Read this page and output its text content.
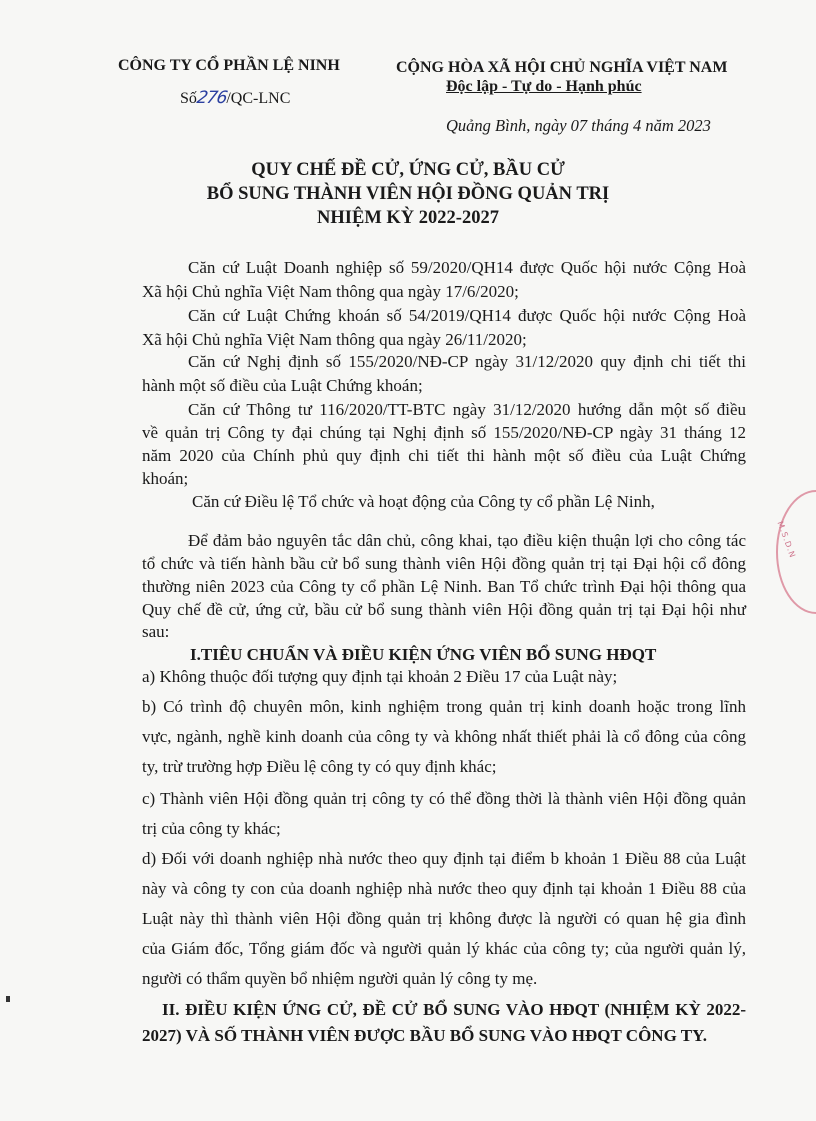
CÔNG TY CỔ PHẦN LỆ NINH
Số276/QC-LNC
CỘNG HÒA XÃ HỘI CHỦ NGHĨA VIỆT NAM
Độc lập - Tự do - Hạnh phúc
Quảng Bình, ngày 07 tháng 4 năm 2023
QUY CHẾ ĐỀ CỬ, ỨNG CỬ, BẦU CỬ
BỔ SUNG THÀNH VIÊN HỘI ĐỒNG QUẢN TRỊ
NHIỆM KỲ 2022-2027
Căn cứ Luật Doanh nghiệp số 59/2020/QH14 được Quốc hội nước Cộng Hoà
Xã hội Chủ nghĩa Việt Nam thông qua ngày 17/6/2020;
Căn cứ Luật Chứng khoán số 54/2019/QH14 được Quốc hội nước Cộng Hoà
Xã hội Chủ nghĩa Việt Nam thông qua ngày 26/11/2020;
Căn cứ Nghị định số 155/2020/NĐ-CP ngày 31/12/2020 quy định chi tiết thi
hành một số điều của Luật Chứng khoán;
Căn cứ Thông tư 116/2020/TT-BTC ngày 31/12/2020 hướng dẫn một số điều
về quản trị Công ty đại chúng tại Nghị định số 155/2020/NĐ-CP ngày 31 tháng 12
năm 2020 của Chính phủ quy định chi tiết thi hành một số điều của Luật Chứng
khoán;
Căn cứ Điều lệ Tổ chức và hoạt động của Công ty cổ phần Lệ Ninh,
Để đảm bảo nguyên tắc dân chủ, công khai, tạo điều kiện thuận lợi cho công tác
tổ chức và tiến hành bầu cử bổ sung thành viên Hội đồng quản trị tại Đại hội cổ đông
thường niên 2023 của Công ty cổ phần Lệ Ninh. Ban Tổ chức trình Đại hội thông qua
Quy chế đề cử, ứng cử, bầu cử bổ sung thành viên Hội đồng quản trị tại Đại hội như
sau:
I.TIÊU CHUẨN VÀ ĐIỀU KIỆN ỨNG VIÊN BỔ SUNG HĐQT
a) Không thuộc đối tượng quy định tại khoản 2 Điều 17 của Luật này;
b) Có trình độ chuyên môn, kinh nghiệm trong quản trị kinh doanh hoặc trong lĩnh
vực, ngành, nghề kinh doanh của công ty và không nhất thiết phải là cổ đông của công
ty, trừ trường hợp Điều lệ công ty có quy định khác;
c) Thành viên Hội đồng quản trị công ty có thể đồng thời là thành viên Hội đồng quản
trị của công ty khác;
d) Đối với doanh nghiệp nhà nước theo quy định tại điểm b khoản 1 Điều 88 của Luật
này và công ty con của doanh nghiệp nhà nước theo quy định tại khoản 1 Điều 88 của
Luật này thì thành viên Hội đồng quản trị không được là người có quan hệ gia đình
của Giám đốc, Tổng giám đốc và người quản lý khác của công ty; của người quản lý,
người có thẩm quyền bổ nhiệm người quản lý công ty mẹ.
II. ĐIỀU KIỆN ỨNG CỬ, ĐỀ CỬ BỔ SUNG VÀO HĐQT (NHIỆM KỲ 2022-
2027) VÀ SỐ THÀNH VIÊN ĐƯỢC BẦU BỔ SUNG VÀO HĐQT CÔNG TY.
M.S.D.N
